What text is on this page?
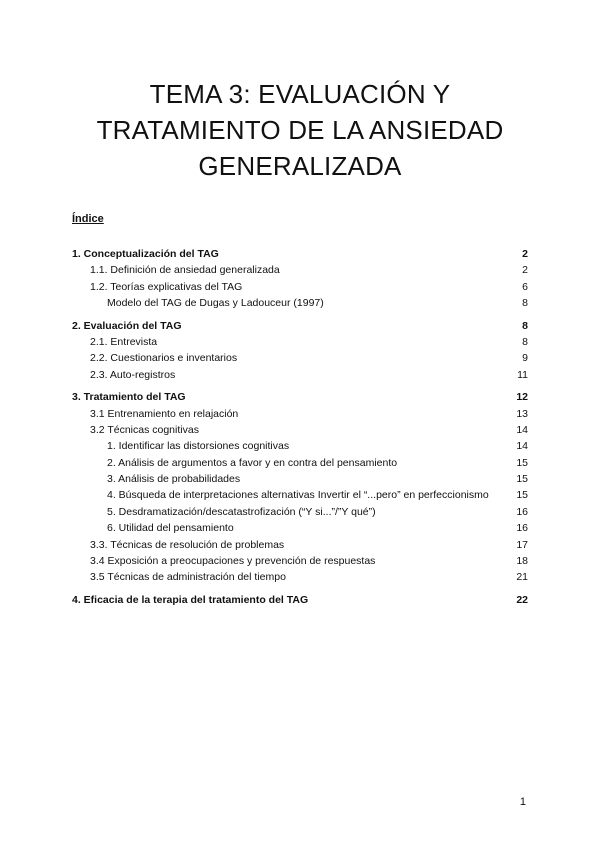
TEMA 3: EVALUACIÓN Y
TRATAMIENTO DE LA ANSIEDAD
GENERALIZADA
Índice
1. Conceptualización del TAG	2
1.1. Definición de ansiedad generalizada	2
1.2. Teorías explicativas del TAG	6
Modelo del TAG de Dugas y Ladouceur (1997)	8
2. Evaluación del TAG	8
2.1. Entrevista	8
2.2. Cuestionarios e inventarios	9
2.3. Auto-registros	11
3. Tratamiento del TAG	12
3.1 Entrenamiento en relajación	13
3.2 Técnicas cognitivas	14
1. Identificar las distorsiones cognitivas	14
2. Análisis de argumentos a favor y en contra del pensamiento	15
3. Análisis de probabilidades	15
4. Búsqueda de interpretaciones alternativas Invertir el “...pero” en perfeccionismo	15
5. Desdramatización/descatastrofización (“Y si...”/”Y qué”)	16
6. Utilidad del pensamiento	16
3.3. Técnicas de resolución de problemas	17
3.4 Exposición a preocupaciones y prevención de respuestas	18
3.5 Técnicas de administración del tiempo	21
4. Eficacia de la terapia del tratamiento del TAG	22
1
